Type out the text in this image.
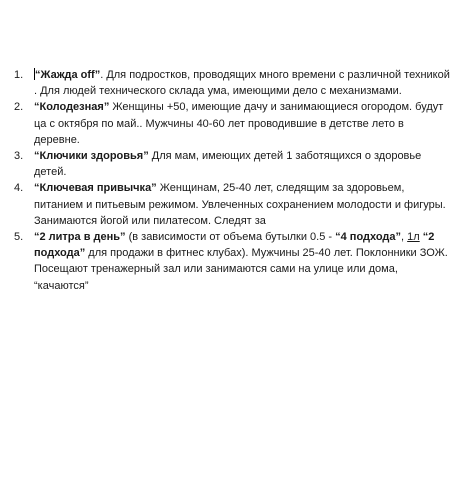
1. “Жажда off”. Для подростков, проводящих много времени с различной техникой
. Для людей технического склада ума, имеющими дело с механизмами.
2. “Колодезная” Женщины +50, имеющие дачу и занимающиеся огородом. будут
ца с октября по май.. Мужчины 40-60 лет проводившие в детстве лето в
деревне.
3. “Ключики здоровья” Для мам, имеющих детей 1 заботящихся о здоровье
детей.
4. “Ключевая привычка” Женщинам, 25-40 лет, следящим за здоровьем,
питанием и питьевым режимом. Увлеченных сохранением молодости и фигуры.
Занимаются йогой или пилатесом. Следят за
5. “2 литра в день” (в зависимости от объема бутылки 0.5 - “4 подхода”, 1л “2
подхода” для продажи в фитнес клубах). Мужчины 25-40 лет. Поклонники ЗОЖ.
Посещают тренажерный зал или занимаются сами на улице или дома,
“качаются”
